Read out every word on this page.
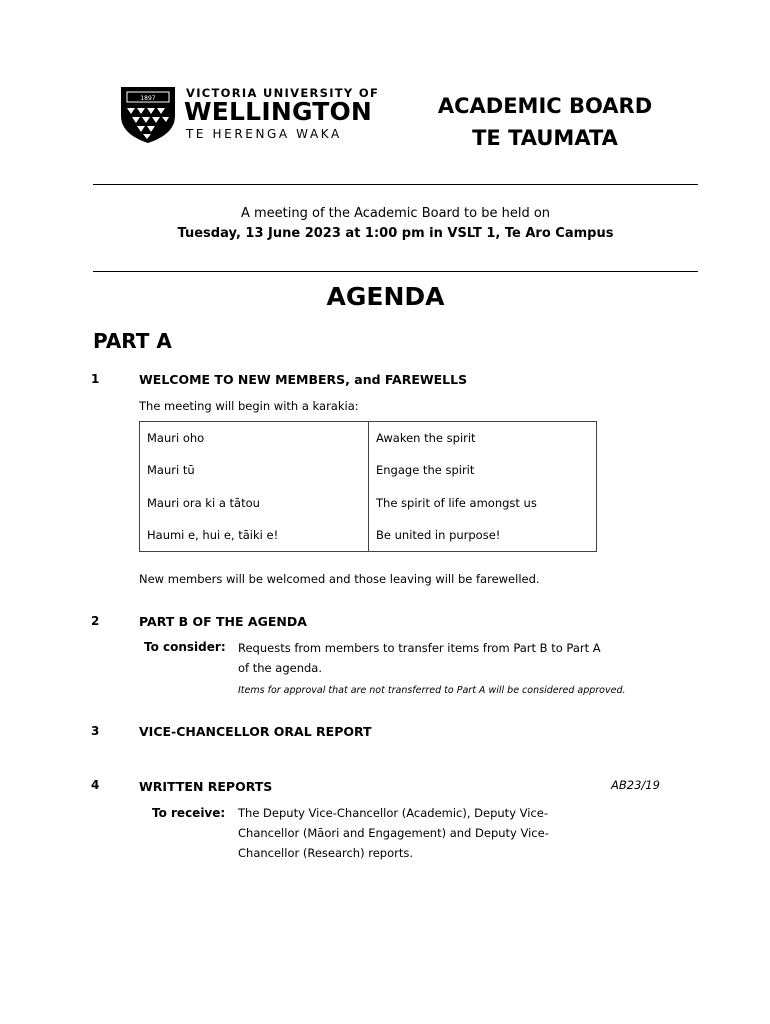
1897	VICTORIA UNIVERSITY OF
WELLINGTON
TE HERENGA WAKA
ACADEMIC BOARD
TE TAUMATA
A meeting of the Academic Board to be held on
Tuesday, 13 June 2023 at 1:00 pm in VSLT 1, Te Aro Campus
AGENDA
PART A
1	WELCOME TO NEW MEMBERS, and FAREWELLS
The meeting will begin with a karakia:
Mauri oho	Awaken the spirit
Mauri tū	Engage the spirit
Mauri ora ki a tātou	The spirit of life amongst us
Haumi e, hui e, tāiki e!	Be united in purpose!
New members will be welcomed and those leaving will be farewelled.
2	PART B OF THE AGENDA
To consider: Requests from members to transfer items from Part B to Part A
of the agenda.
Items for approval that are not transferred to Part A will be considered approved.
3	VICE-CHANCELLOR ORAL REPORT
4	WRITTEN REPORTS	AB23/19
To receive: The Deputy Vice-Chancellor (Academic), Deputy Vice-
Chancellor (Māori and Engagement) and Deputy Vice-
Chancellor (Research) reports.
